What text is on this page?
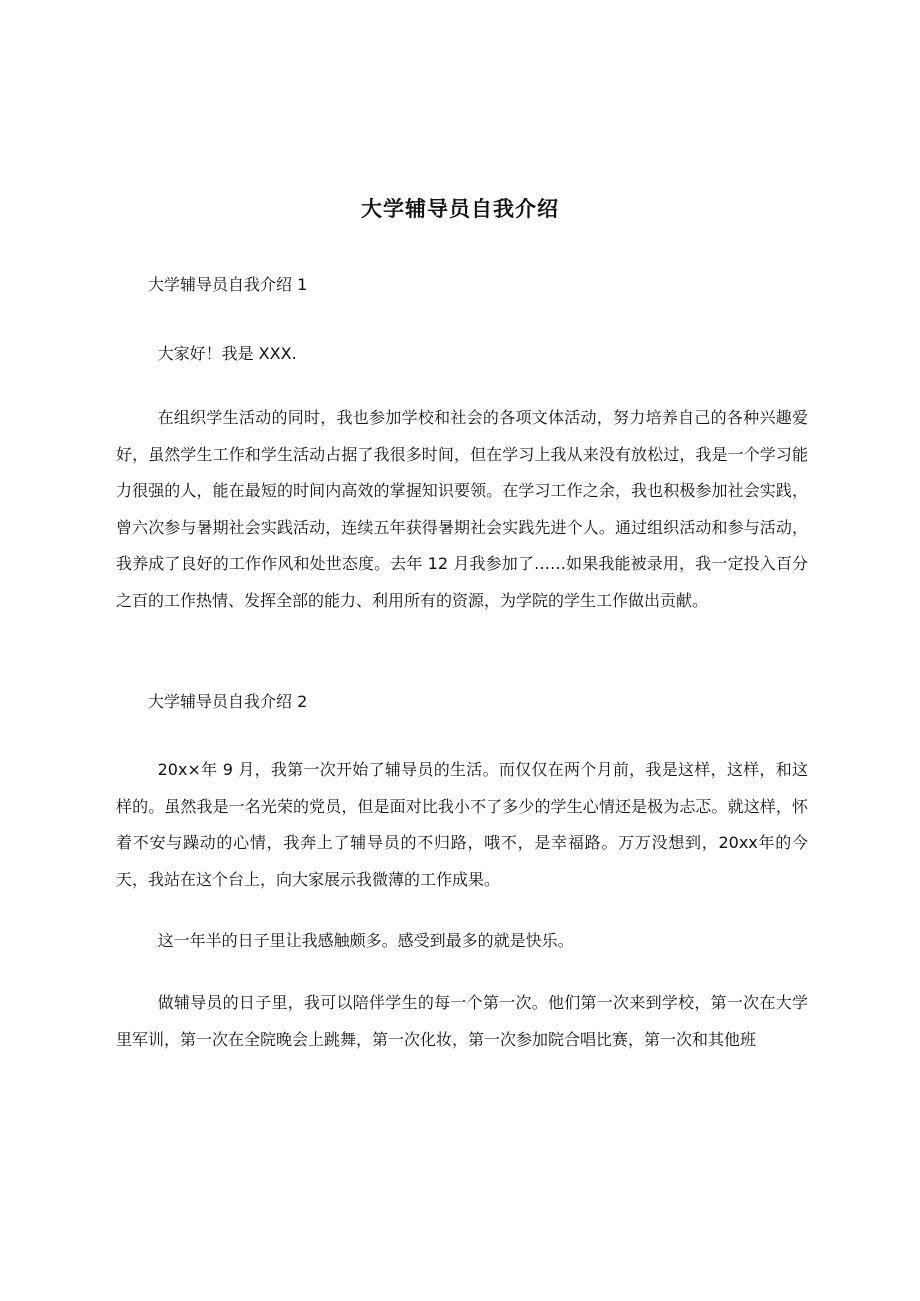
大学辅导员自我介绍
大学辅导员自我介绍 1

大家好！我是 XXX.

在组织学生活动的同时，我也参加学校和社会的各项文体活动，努力培养自己的各种兴趣爱好，虽然学生工作和学生活动占据了我很多时间，但在学习上我从来没有放松过，我是一个学习能力很强的人，能在最短的时间内高效的掌握知识要领。在学习工作之余，我也积极参加社会实践，曾六次参与暑期社会实践活动，连续五年获得暑期社会实践先进个人。通过组织活动和参与活动，我养成了良好的工作作风和处世态度。去年 12 月我参加了……如果我能被录用，我一定投入百分之百的工作热情、发挥全部的能力、利用所有的资源，为学院的学生工作做出贡献。

大学辅导员自我介绍 2

20x×年 9 月，我第一次开始了辅导员的生活。而仅仅在两个月前，我是这样，这样，和这样的。虽然我是一名光荣的党员，但是面对比我小不了多少的学生心情还是极为忐忑。就这样，怀着不安与躁动的心情，我奔上了辅导员的不归路，哦不，是幸福路。万万没想到，20xx年的今天，我站在这个台上，向大家展示我微薄的工作成果。

这一年半的日子里让我感触颇多。感受到最多的就是快乐。

做辅导员的日子里，我可以陪伴学生的每一个第一次。他们第一次来到学校，第一次在大学里军训，第一次在全院晚会上跳舞，第一次化妆，第一次参加院合唱比赛，第一次和其他班
